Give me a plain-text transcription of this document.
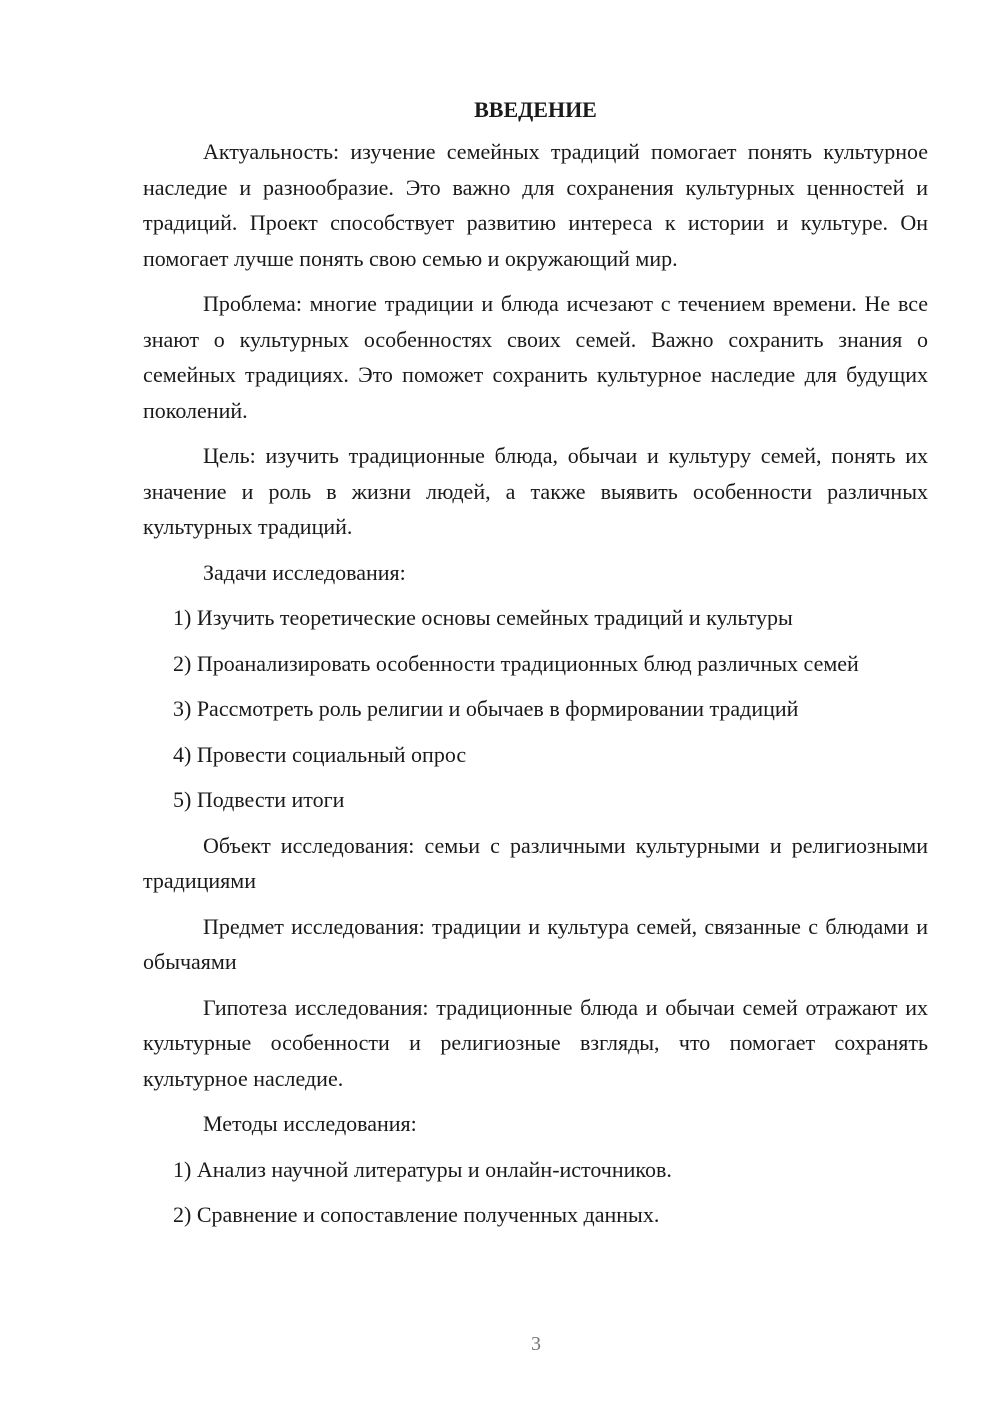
ВВЕДЕНИЕ

Актуальность: изучение семейных традиций помогает понять культурное наследие и разнообразие. Это важно для сохранения культурных ценностей и традиций. Проект способствует развитию интереса к истории и культуре. Он помогает лучше понять свою семью и окружающий мир.

Проблема: многие традиции и блюда исчезают с течением времени. Не все знают о культурных особенностях своих семей. Важно сохранить знания о семейных традициях. Это поможет сохранить культурное наследие для будущих поколений.

Цель: изучить традиционные блюда, обычаи и культуру семей, понять их значение и роль в жизни людей, а также выявить особенности различных культурных традиций.

Задачи исследования:

1) Изучить теоретические основы семейных традиций и культуры

2) Проанализировать особенности традиционных блюд различных семей

3) Рассмотреть роль религии и обычаев в формировании традиций

4) Провести социальный опрос

5) Подвести итоги

Объект исследования: семьи с различными культурными и религиозными традициями

Предмет исследования: традиции и культура семей, связанные с блюдами и обычаями

Гипотеза исследования: традиционные блюда и обычаи семей отражают их культурные особенности и религиозные взгляды, что помогает сохранять культурное наследие.

Методы исследования:

1) Анализ научной литературы и онлайн-источников.

2) Сравнение и сопоставление полученных данных.

3
